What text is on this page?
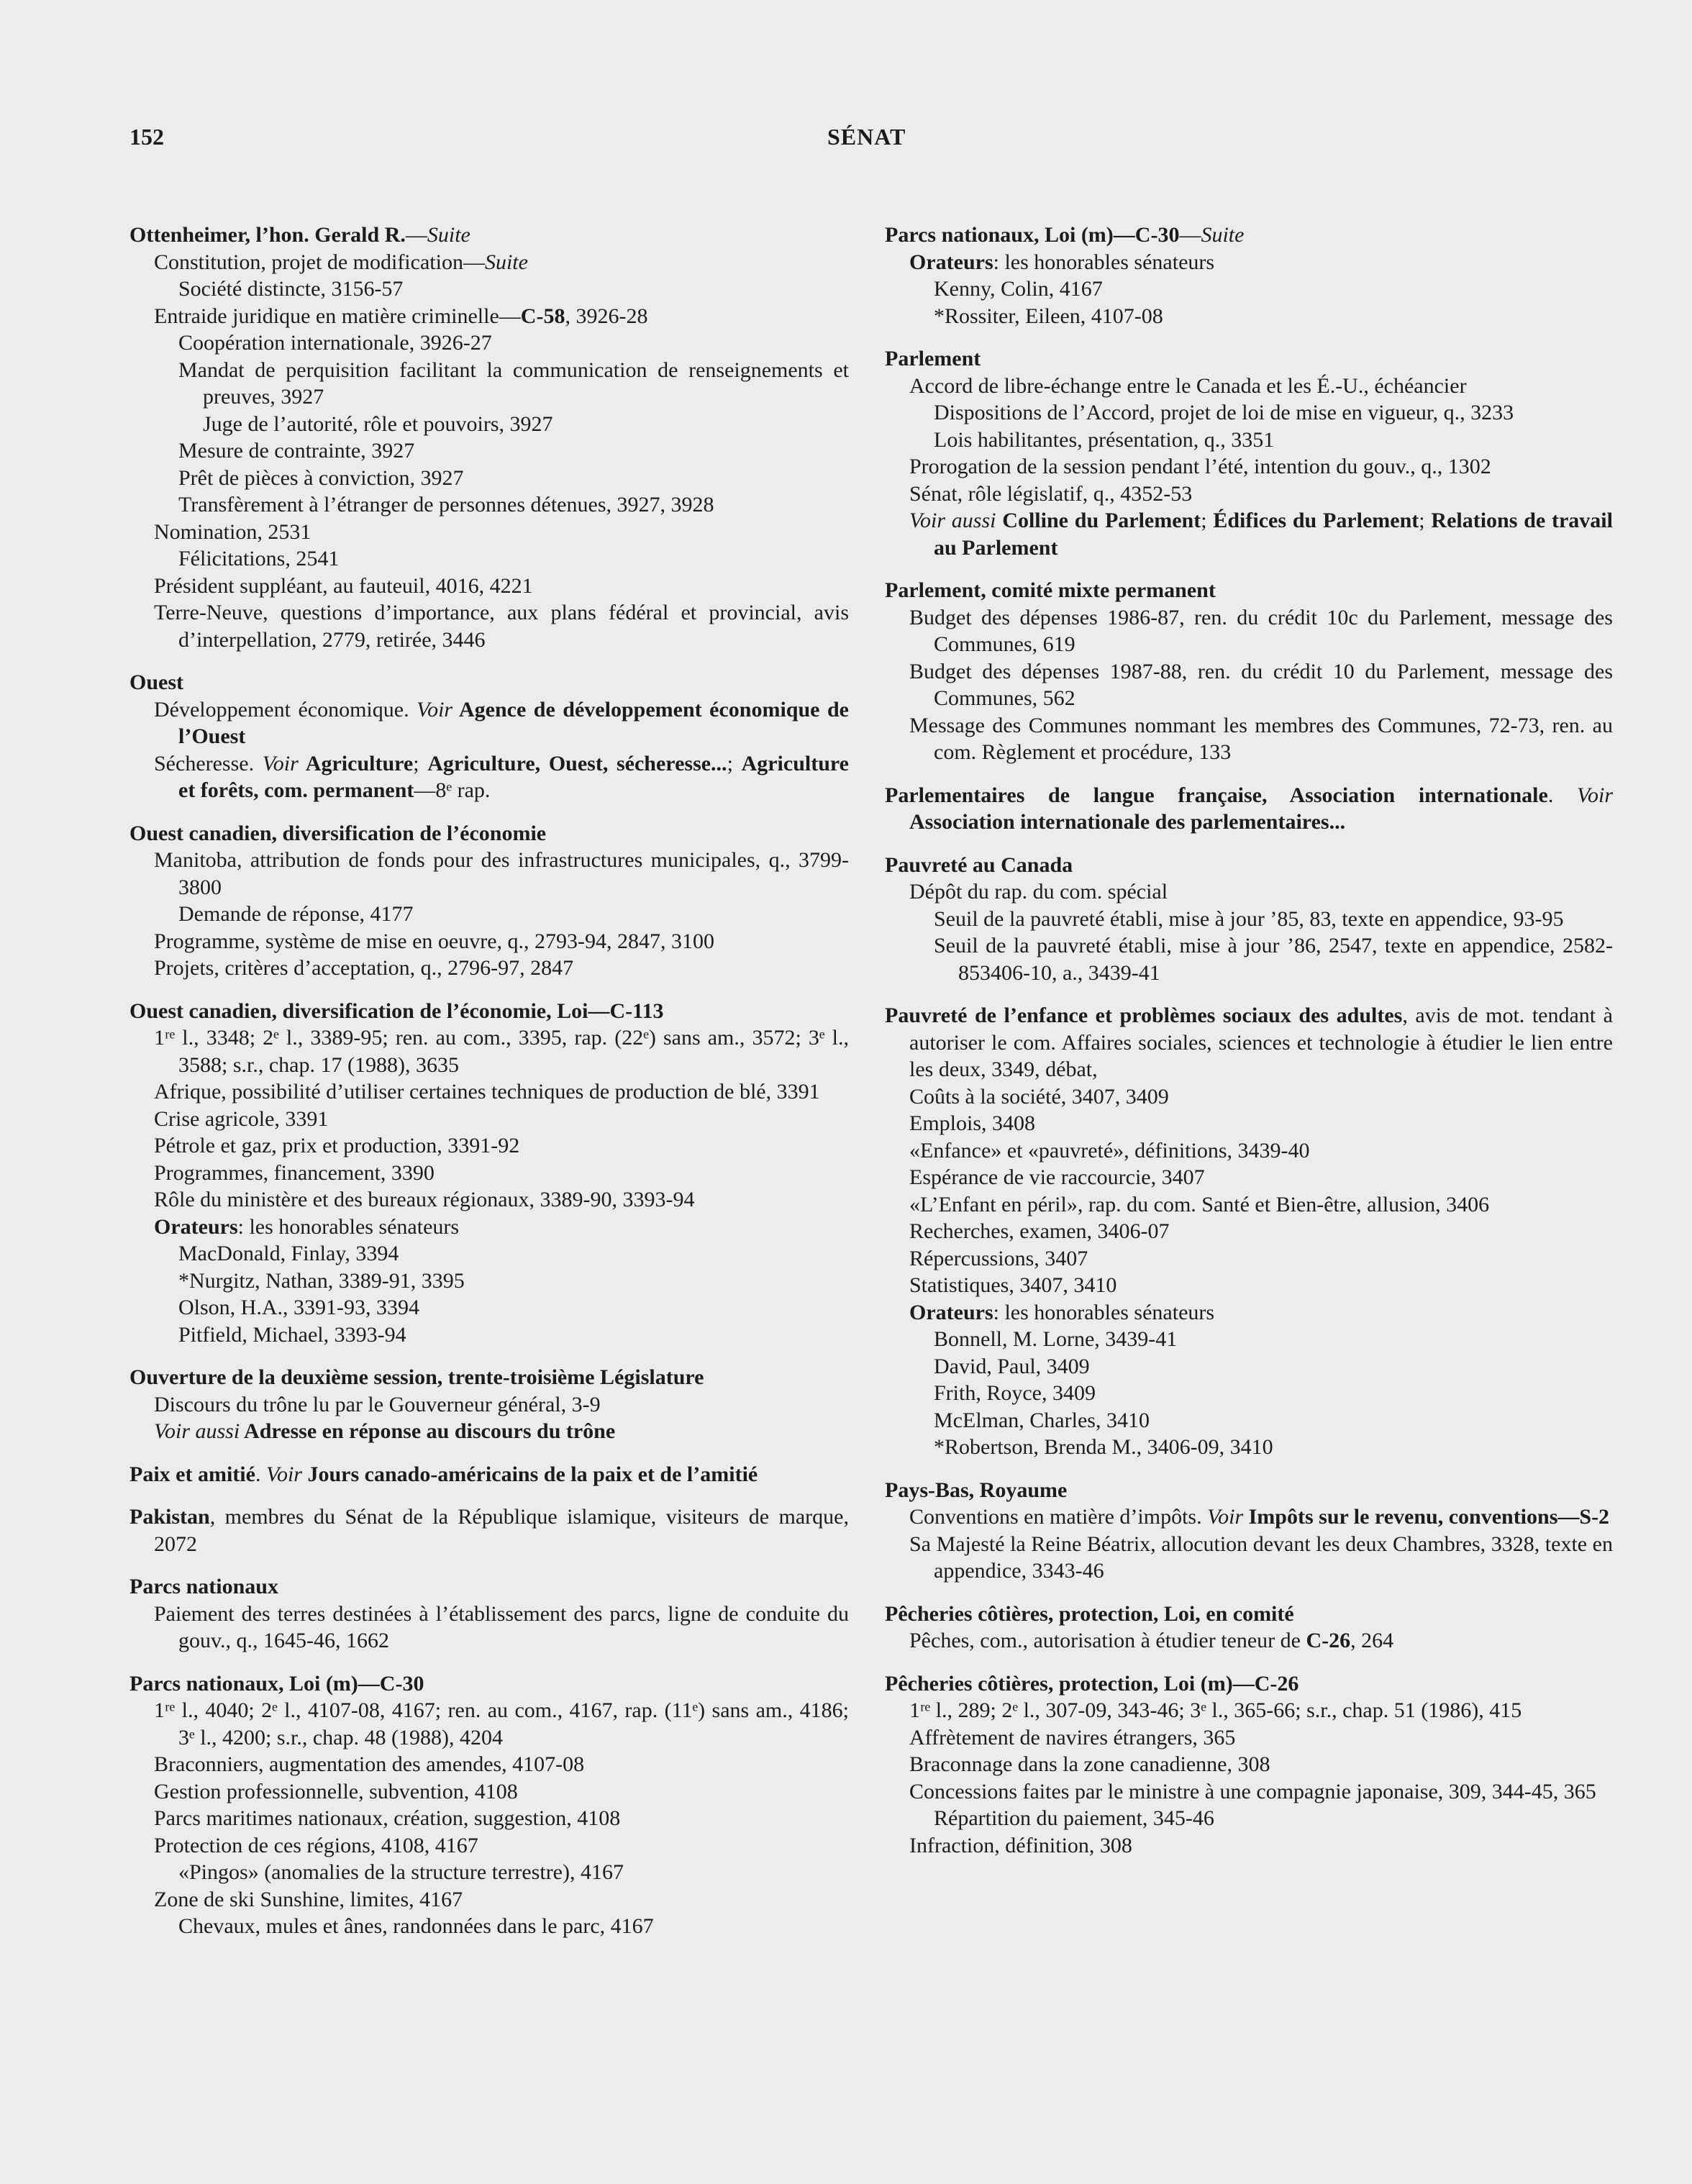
152	SÉNAT
Ottenheimer, l’hon. Gerald R.—Suite
Constitution, projet de modification—Suite
Société distincte, 3156-57
Entraide juridique en matière criminelle—C-58, 3926-28
Coopération internationale, 3926-27
Mandat de perquisition facilitant la communication de renseignements et preuves, 3927
Juge de l’autorité, rôle et pouvoirs, 3927
Mesure de contrainte, 3927
Prêt de pièces à conviction, 3927
Transfèrement à l’étranger de personnes détenues, 3927, 3928
Nomination, 2531
Félicitations, 2541
Président suppléant, au fauteuil, 4016, 4221
Terre-Neuve, questions d’importance, aux plans fédéral et provincial, avis d’interpellation, 2779, retirée, 3446
Ouest
Développement économique. Voir Agence de développement économique de l’Ouest
Sécheresse. Voir Agriculture; Agriculture, Ouest, sécheresse...; Agriculture et forêts, com. permanent—8ᵉ rap.
Ouest canadien, diversification de l’économie
Manitoba, attribution de fonds pour des infrastructures municipales, q., 3799-3800
Demande de réponse, 4177
Programme, système de mise en oeuvre, q., 2793-94, 2847, 3100
Projets, critères d’acceptation, q., 2796-97, 2847
Ouest canadien, diversification de l’économie, Loi—C-113
1ʳᵉ l., 3348; 2ᵉ l., 3389-95; ren. au com., 3395, rap. (22ᵉ) sans am., 3572; 3ᵉ l., 3588; s.r., chap. 17 (1988), 3635
Afrique, possibilité d’utiliser certaines techniques de production de blé, 3391
Crise agricole, 3391
Pétrole et gaz, prix et production, 3391-92
Programmes, financement, 3390
Rôle du ministère et des bureaux régionaux, 3389-90, 3393-94
Orateurs: les honorables sénateurs
MacDonald, Finlay, 3394
*Nurgitz, Nathan, 3389-91, 3395
Olson, H.A., 3391-93, 3394
Pitfield, Michael, 3393-94
Ouverture de la deuxième session, trente-troisième Législature
Discours du trône lu par le Gouverneur général, 3-9
Voir aussi Adresse en réponse au discours du trône
Paix et amitié. Voir Jours canado-américains de la paix et de l’amitié
Pakistan, membres du Sénat de la République islamique, visiteurs de marque, 2072
Parcs nationaux
Paiement des terres destinées à l’établissement des parcs, ligne de conduite du gouv., q., 1645-46, 1662
Parcs nationaux, Loi (m)—C-30
1ʳᵉ l., 4040; 2ᵉ l., 4107-08, 4167; ren. au com., 4167, rap. (11ᵉ) sans am., 4186; 3ᵉ l., 4200; s.r., chap. 48 (1988), 4204
Braconniers, augmentation des amendes, 4107-08
Gestion professionnelle, subvention, 4108
Parcs maritimes nationaux, création, suggestion, 4108
Protection de ces régions, 4108, 4167
«Pingos» (anomalies de la structure terrestre), 4167
Zone de ski Sunshine, limites, 4167
Chevaux, mules et ânes, randonnées dans le parc, 4167
Parcs nationaux, Loi (m)—C-30—Suite
Orateurs: les honorables sénateurs
Kenny, Colin, 4167
*Rossiter, Eileen, 4107-08
Parlement
Accord de libre-échange entre le Canada et les É.-U., échéancier
Dispositions de l’Accord, projet de loi de mise en vigueur, q., 3233
Lois habilitantes, présentation, q., 3351
Prorogation de la session pendant l’été, intention du gouv., q., 1302
Sénat, rôle législatif, q., 4352-53
Voir aussi Colline du Parlement; Édifices du Parlement; Relations de travail au Parlement
Parlement, comité mixte permanent
Budget des dépenses 1986-87, ren. du crédit 10c du Parlement, message des Communes, 619
Budget des dépenses 1987-88, ren. du crédit 10 du Parlement, message des Communes, 562
Message des Communes nommant les membres des Communes, 72-73, ren. au com. Règlement et procédure, 133
Parlementaires de langue française, Association internationale. Voir Association internationale des parlementaires...
Pauvreté au Canada
Dépôt du rap. du com. spécial
Seuil de la pauvreté établi, mise à jour ’85, 83, texte en appendice, 93-95
Seuil de la pauvreté établi, mise à jour ’86, 2547, texte en appendice, 2582-853406-10, a., 3439-41
Pauvreté de l’enfance et problèmes sociaux des adultes, avis de mot. tendant à autoriser le com. Affaires sociales, sciences et technologie à étudier le lien entre les deux, 3349, débat,
Coûts à la société, 3407, 3409
Emplois, 3408
«Enfance» et «pauvreté», définitions, 3439-40
Espérance de vie raccourcie, 3407
«L’Enfant en péril», rap. du com. Santé et Bien-être, allusion, 3406
Recherches, examen, 3406-07
Répercussions, 3407
Statistiques, 3407, 3410
Orateurs: les honorables sénateurs
Bonnell, M. Lorne, 3439-41
David, Paul, 3409
Frith, Royce, 3409
McElman, Charles, 3410
*Robertson, Brenda M., 3406-09, 3410
Pays-Bas, Royaume
Conventions en matière d’impôts. Voir Impôts sur le revenu, conventions—S-2
Sa Majesté la Reine Béatrix, allocution devant les deux Chambres, 3328, texte en appendice, 3343-46
Pêcheries côtières, protection, Loi, en comité
Pêches, com., autorisation à étudier teneur de C-26, 264
Pêcheries côtières, protection, Loi (m)—C-26
1ʳᵉ l., 289; 2ᵉ l., 307-09, 343-46; 3ᵉ l., 365-66; s.r., chap. 51 (1986), 415
Affrètement de navires étrangers, 365
Braconnage dans la zone canadienne, 308
Concessions faites par le ministre à une compagnie japonaise, 309, 344-45, 365
Répartition du paiement, 345-46
Infraction, définition, 308
